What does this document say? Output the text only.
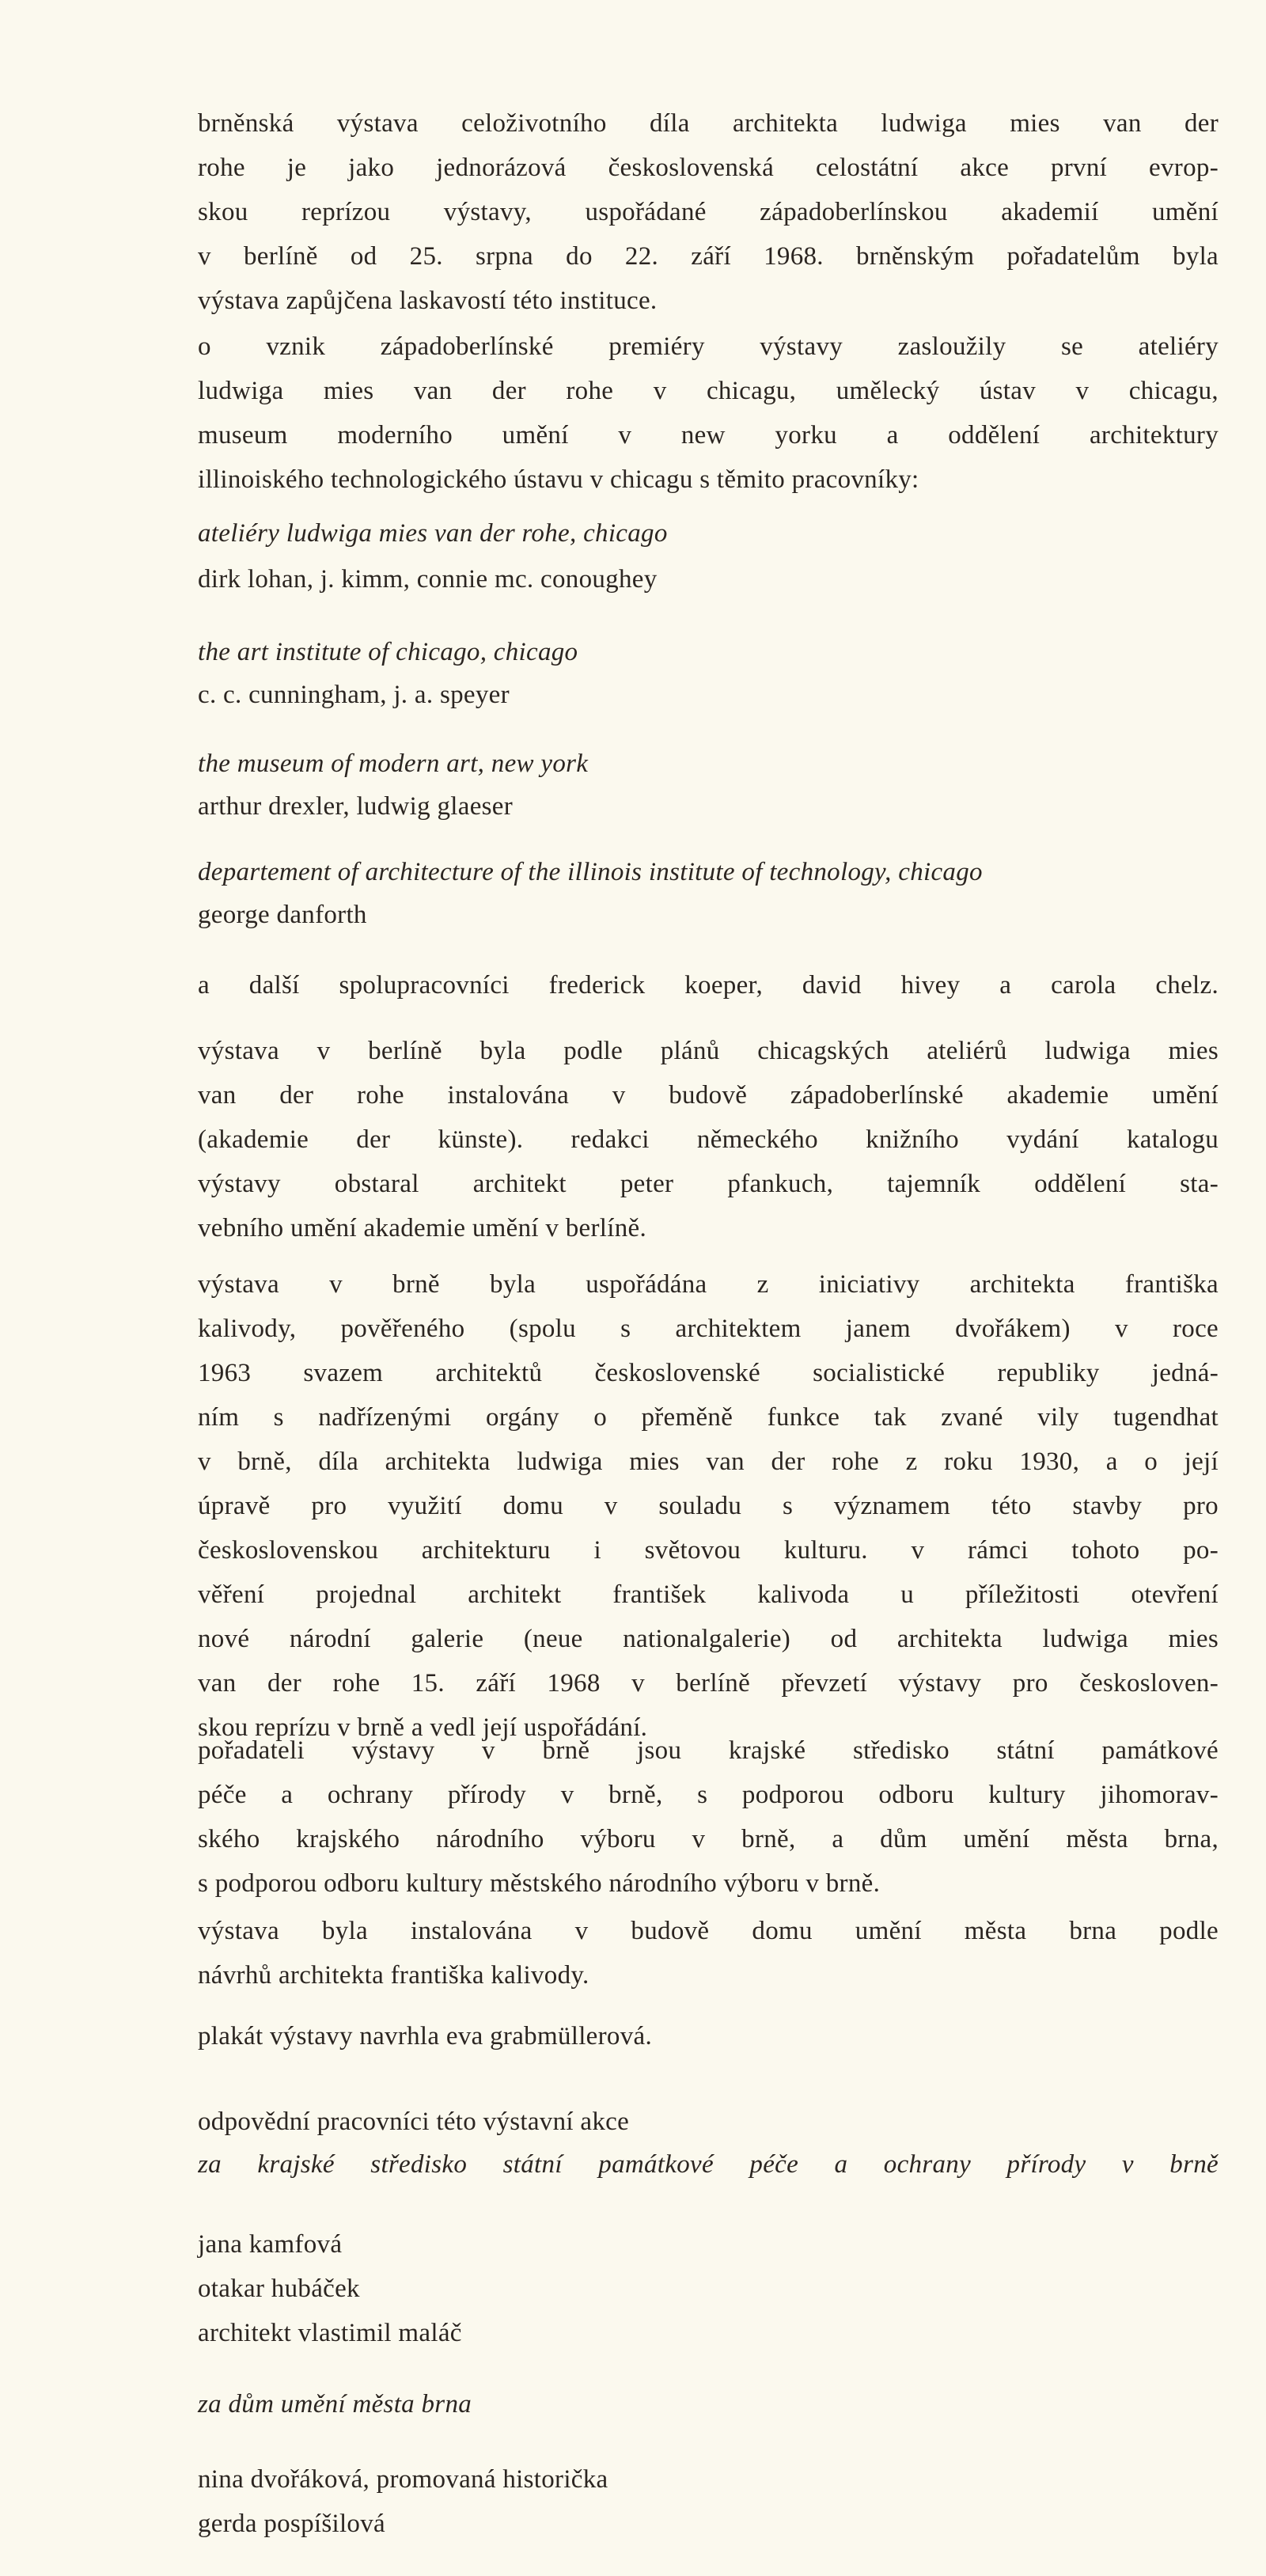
brněnská výstava celoživotního díla architekta ludwiga mies van der
rohe je jako jednorázová československá celostátní akce první evrop-
skou reprízou výstavy, uspořádané západoberlínskou akademií umění
v berlíně od 25. srpna do 22. září 1968. brněnským pořadatelům byla
výstava zapůjčena laskavostí této instituce.
o vznik západoberlínské premiéry výstavy zasloužily se ateliéry
ludwiga mies van der rohe v chicagu, umělecký ústav v chicagu,
museum moderního umění v new yorku a oddělení architektury
illinoiského technologického ústavu v chicagu s těmito pracovníky:
ateliéry ludwiga mies van der rohe, chicago
dirk lohan, j. kimm, connie mc. conoughey
the art institute of chicago, chicago
c. c. cunningham, j. a. speyer
the museum of modern art, new york
arthur drexler, ludwig glaeser
departement of architecture of the illinois institute of technology, chicago
george danforth
a další spolupracovníci frederick koeper, david hivey a carola chelz.
výstava v berlíně byla podle plánů chicagských ateliérů ludwiga mies
van der rohe instalována v budově západoberlínské akademie umění
(akademie der künste). redakci německého knižního vydání katalogu
výstavy obstaral architekt peter pfankuch, tajemník oddělení sta-
vebního umění akademie umění v berlíně.
výstava v brně byla uspořádána z iniciativy architekta františka
kalivody, pověřeného (spolu s architektem janem dvořákem) v roce
1963 svazem architektů československé socialistické republiky jedná-
ním s nadřízenými orgány o přeměně funkce tak zvané vily tugendhat
v brně, díla architekta ludwiga mies van der rohe z roku 1930, a o její
úpravě pro využití domu v souladu s významem této stavby pro
československou architekturu i světovou kulturu. v rámci tohoto po-
věření projednal architekt františek kalivoda u příležitosti otevření
nové národní galerie (neue nationalgalerie) od architekta ludwiga mies
van der rohe 15. září 1968 v berlíně převzetí výstavy pro českosloven-
skou reprízu v brně a vedl její uspořádání.
pořadateli výstavy v brně jsou krajské středisko státní památkové
péče a ochrany přírody v brně, s podporou odboru kultury jihomorav-
ského krajského národního výboru v brně, a dům umění města brna,
s podporou odboru kultury městského národního výboru v brně.
výstava byla instalována v budově domu umění města brna podle
návrhů architekta františka kalivody.
plakát výstavy navrhla eva grabmüllerová.
odpovědní pracovníci této výstavní akce
za krajské středisko státní památkové péče a ochrany přírody v brně
jana kamfová
otakar hubáček
architekt vlastimil maláč
za dům umění města brna
nina dvořáková, promovaná historička
gerda pospíšilová
